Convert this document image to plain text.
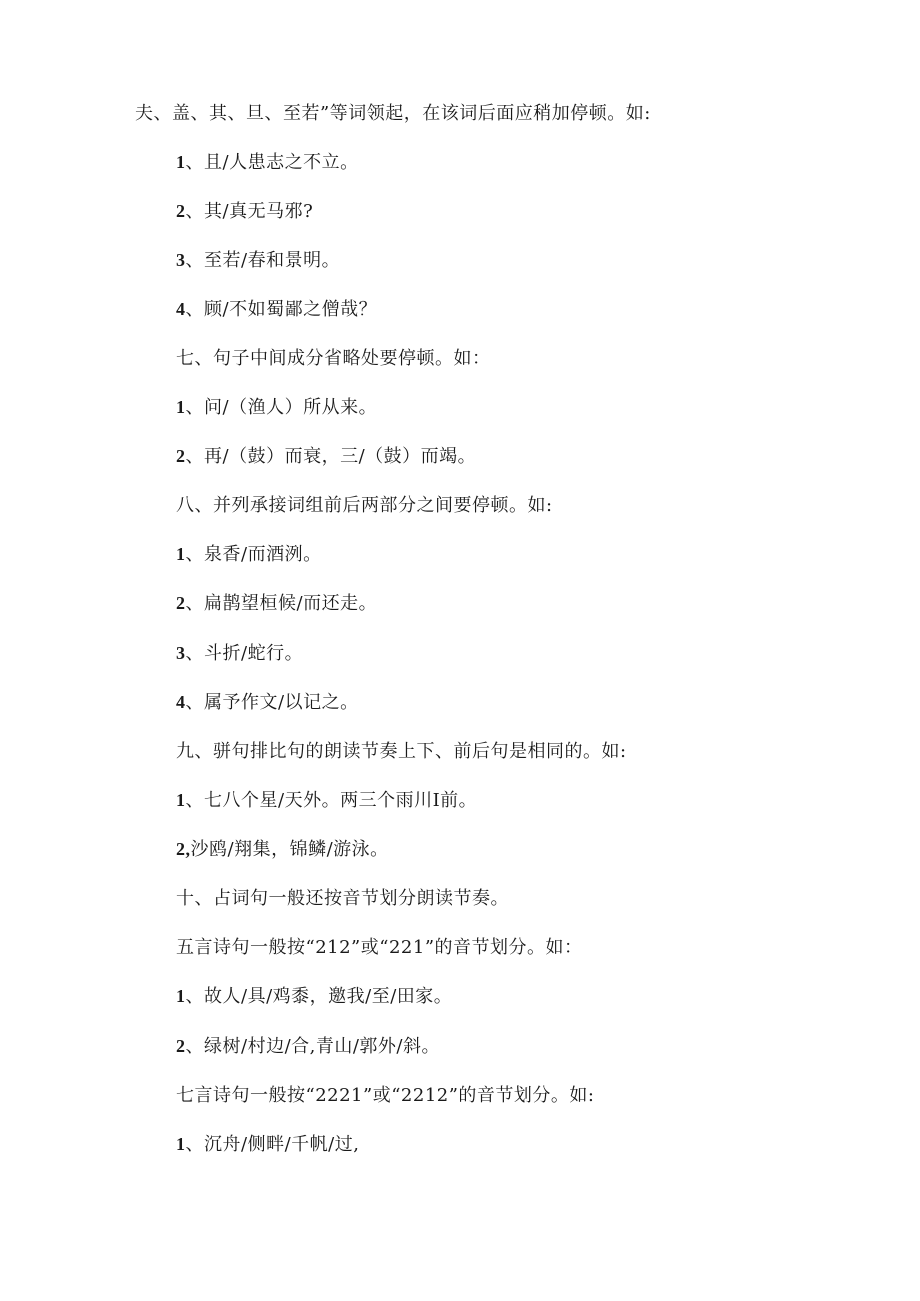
夫、盖、其、旦、至若”等词领起，在该词后面应稍加停顿。如:

1、且/人患志之不立。

2、其/真无马邪?

3、至若/春和景明。

4、顾/不如蜀鄙之僧哉？

七、句子中间成分省略处要停顿。如：

1、问/（渔人）所从来。

2、再/（鼓）而衰，三/（鼓）而竭。

八、并列承接词组前后两部分之间要停顿。如:

1、泉香/而酒洌。

2、扁鹊望桓候/而还走。

3、斗折/蛇行。

4、属予作文/以记之。

九、骈句排比句的朗读节奏上下、前后句是相同的。如:

1、七八个星/天外。两三个雨川I前。

2,沙鸥/翔集，锦鳞/游泳。

十、占词句一般还按音节划分朗读节奏。

五言诗句一般按“212”或“221”的音节划分。如：

1、故人/具/鸡黍，邀我/至/田家。

2、绿树/村边/合,青山/郭外/斜。

七言诗句一般按“2221”或“2212”的音节划分。如:

1、沉舟/侧畔/千帆/过,
